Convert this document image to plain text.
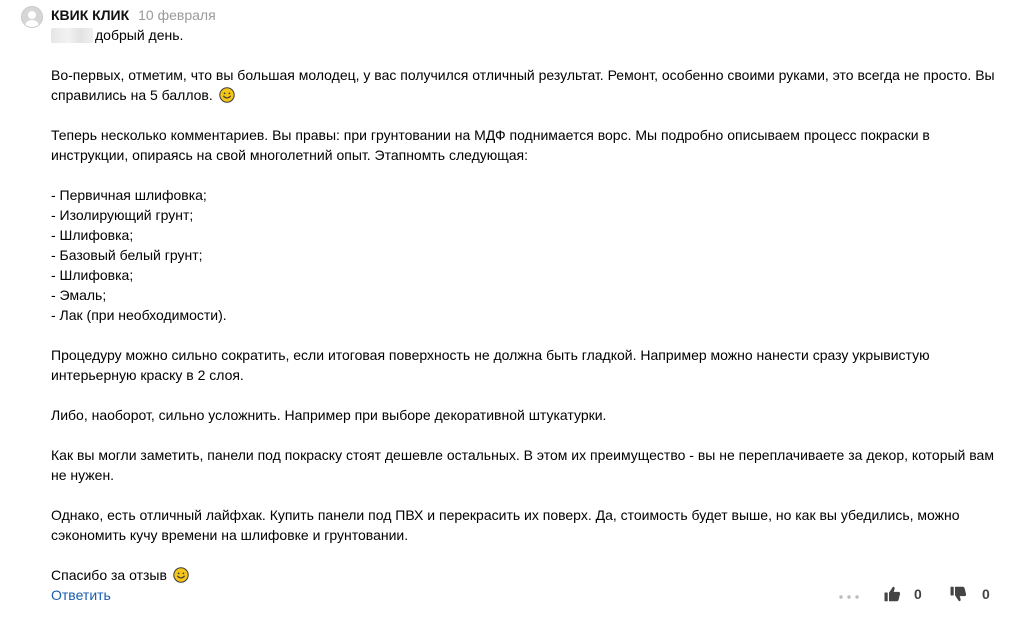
КВИК КЛИК 10 февраля
добрый день.

Во-первых, отметим, что вы большая молодец, у вас получился отличный результат. Ремонт, особенно своими руками, это всегда не просто. Вы справились на 5 баллов.

Теперь несколько комментариев. Вы правы: при грунтовании на МДФ поднимается ворс. Мы подробно описываем процесс покраски в инструкции, опираясь на свой многолетний опыт. Этапномть следующая:

- Первичная шлифовка;
- Изолирующий грунт;
- Шлифовка;
- Базовый белый грунт;
- Шлифовка;
- Эмаль;
- Лак (при необходимости).

Процедуру можно сильно сократить, если итоговая поверхность не должна быть гладкой. Например можно нанести сразу укрывистую интерьерную краску в 2 слоя.

Либо, наоборот, сильно усложнить. Например при выборе декоративной штукатурки.

Как вы могли заметить, панели под покраску стоят дешевле остальных. В этом их преимущество - вы не переплачиваете за декор, который вам не нужен.

Однако, есть отличный лайфхак. Купить панели под ПВХ и перекрасить их поверх. Да, стоимость будет выше, но как вы убедились, можно сэкономить кучу времени на шлифовке и грунтовании.

Спасибо за отзыв
Ответить	0	0
